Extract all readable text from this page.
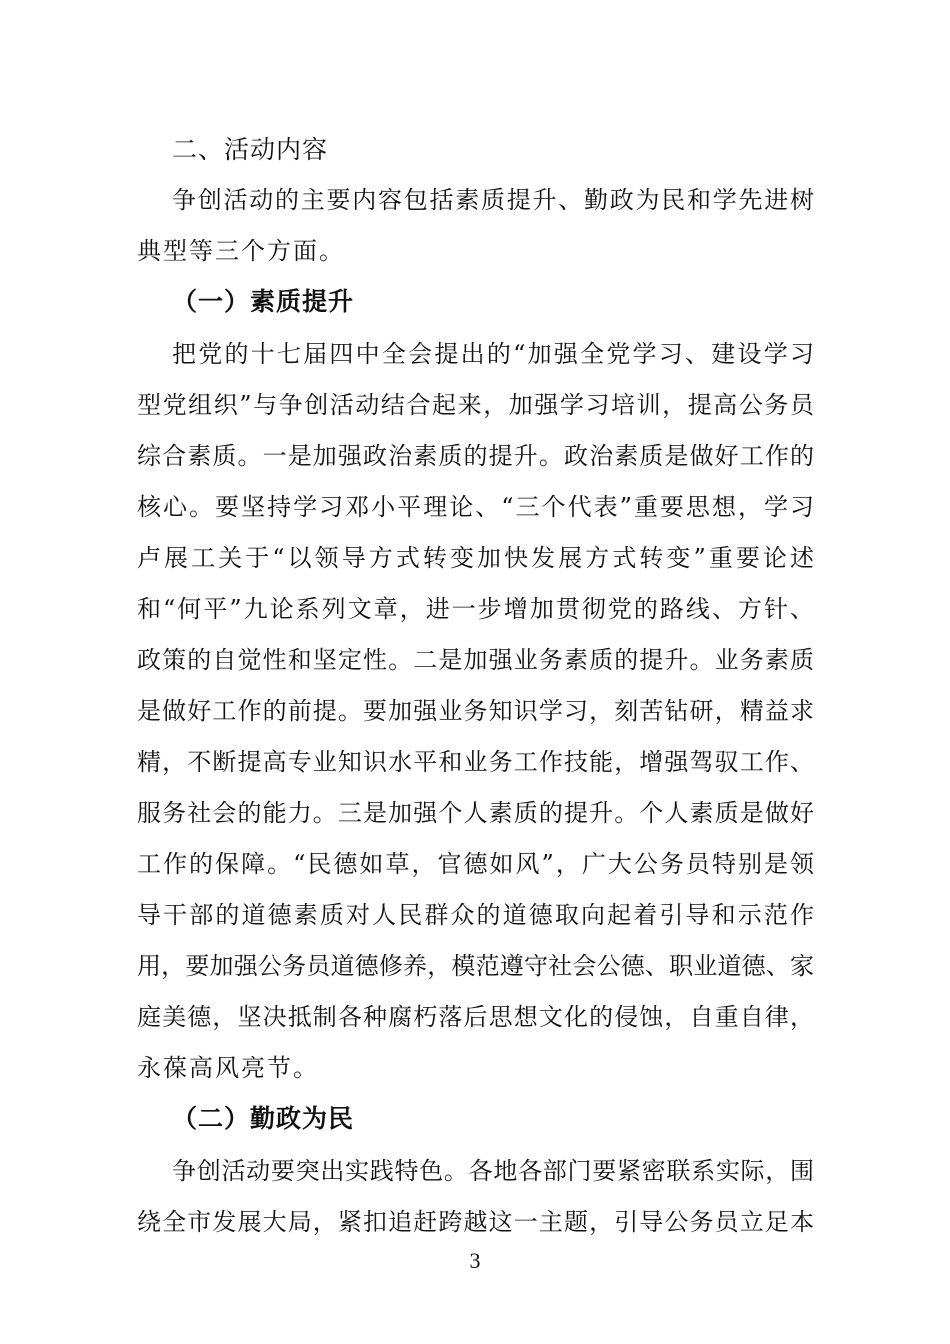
二、活动内容
争创活动的主要内容包括素质提升、勤政为民和学先进树
典型等三个方面。
（一）素质提升
把党的十七届四中全会提出的“加强全党学习、建设学习
型党组织”与争创活动结合起来，加强学习培训，提高公务员
综合素质。一是加强政治素质的提升。政治素质是做好工作的
核心。要坚持学习邓小平理论、“三个代表”重要思想，学习
卢展工关于“以领导方式转变加快发展方式转变”重要论述
和“何平”九论系列文章，进一步增加贯彻党的路线、方针、
政策的自觉性和坚定性。二是加强业务素质的提升。业务素质
是做好工作的前提。要加强业务知识学习，刻苦钻研，精益求
精，不断提高专业知识水平和业务工作技能，增强驾驭工作、
服务社会的能力。三是加强个人素质的提升。个人素质是做好
工作的保障。“民德如草，官德如风”，广大公务员特别是领
导干部的道德素质对人民群众的道德取向起着引导和示范作
用，要加强公务员道德修养，模范遵守社会公德、职业道德、家
庭美德，坚决抵制各种腐朽落后思想文化的侵蚀，自重自律，
永葆高风亮节。
（二）勤政为民
争创活动要突出实践特色。各地各部门要紧密联系实际，围
绕全市发展大局，紧扣追赶跨越这一主题，引导公务员立足本
3
